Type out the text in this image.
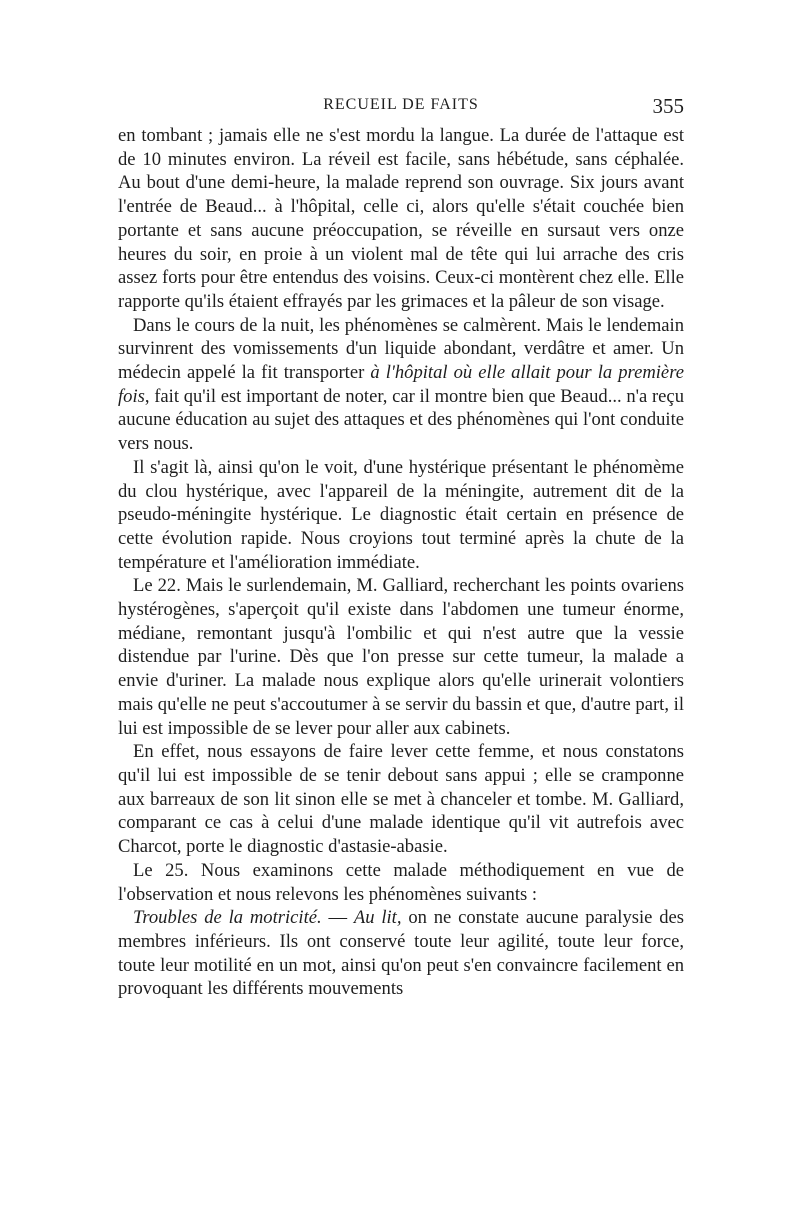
RECUEIL DE FAITS	355

en tombant ; jamais elle ne s'est mordu la langue. La durée de l'attaque est de 10 minutes environ. La réveil est facile, sans hébétude, sans céphalée. Au bout d'une demi-heure, la malade reprend son ouvrage. Six jours avant l'entrée de Beaud... à l'hôpital, celle ci, alors qu'elle s'était couchée bien portante et sans aucune préoccupation, se réveille en sursaut vers onze heures du soir, en proie à un violent mal de tête qui lui arrache des cris assez forts pour être entendus des voisins. Ceux-ci montèrent chez elle. Elle rapporte qu'ils étaient effrayés par les grimaces et la pâleur de son visage.

Dans le cours de la nuit, les phénomènes se calmèrent. Mais le lendemain survinrent des vomissements d'un liquide abondant, verdâtre et amer. Un médecin appelé la fit transporter à l'hôpital où elle allait pour la première fois, fait qu'il est important de noter, car il montre bien que Beaud... n'a reçu aucune éducation au sujet des attaques et des phénomènes qui l'ont conduite vers nous.

Il s'agit là, ainsi qu'on le voit, d'une hystérique présentant le phénomème du clou hystérique, avec l'appareil de la méningite, autrement dit de la pseudo-méningite hystérique. Le diagnostic était certain en présence de cette évolution rapide. Nous croyions tout terminé après la chute de la température et l'amélioration immédiate.

Le 22. Mais le surlendemain, M. Galliard, recherchant les points ovariens hystérogènes, s'aperçoit qu'il existe dans l'abdomen une tumeur énorme, médiane, remontant jusqu'à l'ombilic et qui n'est autre que la vessie distendue par l'urine. Dès que l'on presse sur cette tumeur, la malade a envie d'uriner. La malade nous explique alors qu'elle urinerait volontiers mais qu'elle ne peut s'accoutumer à se servir du bassin et que, d'autre part, il lui est impossible de se lever pour aller aux cabinets.

En effet, nous essayons de faire lever cette femme, et nous constatons qu'il lui est impossible de se tenir debout sans appui ; elle se cramponne aux barreaux de son lit sinon elle se met à chanceler et tombe. M. Galliard, comparant ce cas à celui d'une malade identique qu'il vit autrefois avec Charcot, porte le diagnostic d'astasie-abasie.

Le 25. Nous examinons cette malade méthodiquement en vue de l'observation et nous relevons les phénomènes suivants :

Troubles de la motricité. — Au lit, on ne constate aucune paralysie des membres inférieurs. Ils ont conservé toute leur agilité, toute leur force, toute leur motilité en un mot, ainsi qu'on peut s'en convaincre facilement en provoquant les différents mouvements
